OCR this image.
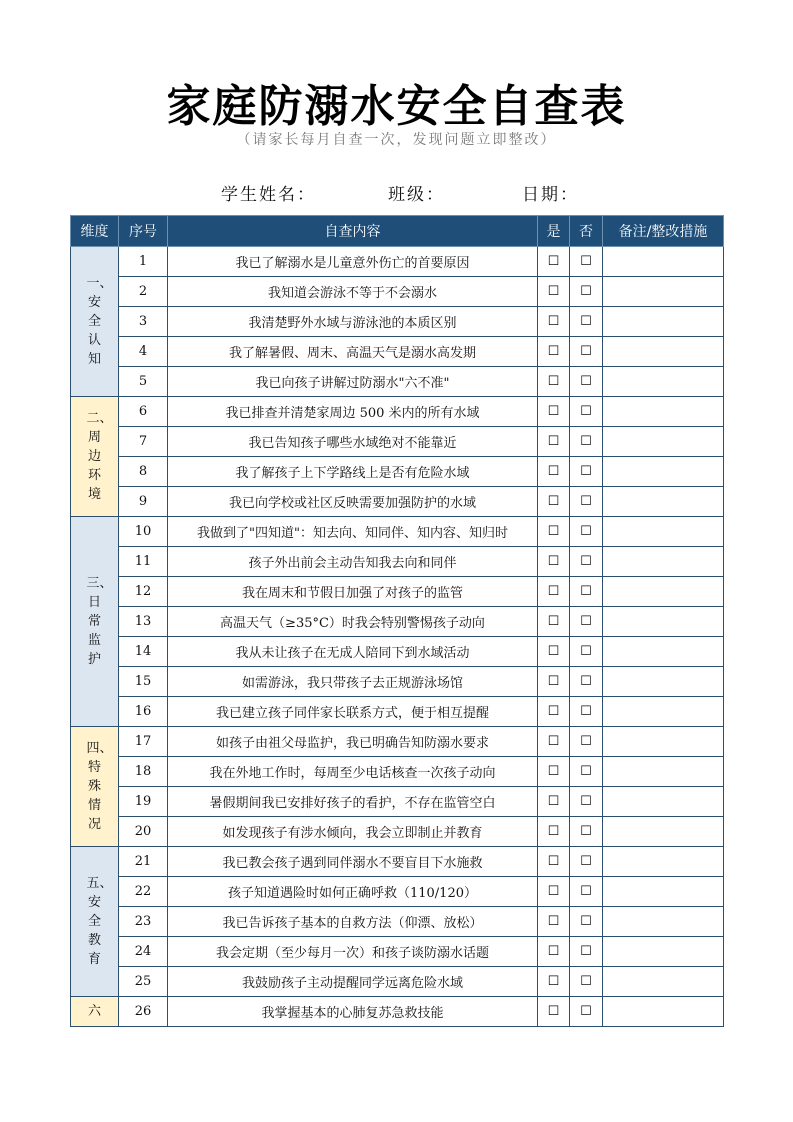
家庭防溺水安全自查表
（请家长每月自查一次，发现问题立即整改）
学生姓名：	班级：	日期：
维度	序号	自查内容	是	否	备注/整改措施

一、安全认知	1	我已了解溺水是儿童意外伤亡的首要原因	☐	☐	
	2	我知道会游泳不等于不会溺水	☐	☐	
	3	我清楚野外水域与游泳池的本质区别	☐	☐	
	4	我了解暑假、周末、高温天气是溺水高发期	☐	☐	
	5	我已向孩子讲解过防溺水"六不准"	☐	☐	

二、周边环境	6	我已排查并清楚家周边 500 米内的所有水域	☐	☐	
	7	我已告知孩子哪些水域绝对不能靠近	☐	☐	
	8	我了解孩子上下学路线上是否有危险水域	☐	☐	
	9	我已向学校或社区反映需要加强防护的水域	☐	☐	

三、日常监护	10	我做到了"四知道"：知去向、知同伴、知内容、知归时	☐	☐	
	11	孩子外出前会主动告知我去向和同伴	☐	☐	
	12	我在周末和节假日加强了对孩子的监管	☐	☐	
	13	高温天气（≥35°C）时我会特别警惕孩子动向	☐	☐	
	14	我从未让孩子在无成人陪同下到水域活动	☐	☐	
	15	如需游泳，我只带孩子去正规游泳场馆	☐	☐	
	16	我已建立孩子同伴家长联系方式，便于相互提醒	☐	☐	

四、特殊情况	17	如孩子由祖父母监护，我已明确告知防溺水要求	☐	☐	
	18	我在外地工作时，每周至少电话核查一次孩子动向	☐	☐	
	19	暑假期间我已安排好孩子的看护，不存在监管空白	☐	☐	
	20	如发现孩子有涉水倾向，我会立即制止并教育	☐	☐	

五、安全教育	21	我已教会孩子遇到同伴溺水不要盲目下水施救	☐	☐	
	22	孩子知道遇险时如何正确呼救（110/120）	☐	☐	
	23	我已告诉孩子基本的自救方法（仰漂、放松）	☐	☐	
	24	我会定期（至少每月一次）和孩子谈防溺水话题	☐	☐	
	25	我鼓励孩子主动提醒同学远离危险水域	☐	☐	

六	26	我掌握基本的心肺复苏急救技能	☐	☐	
